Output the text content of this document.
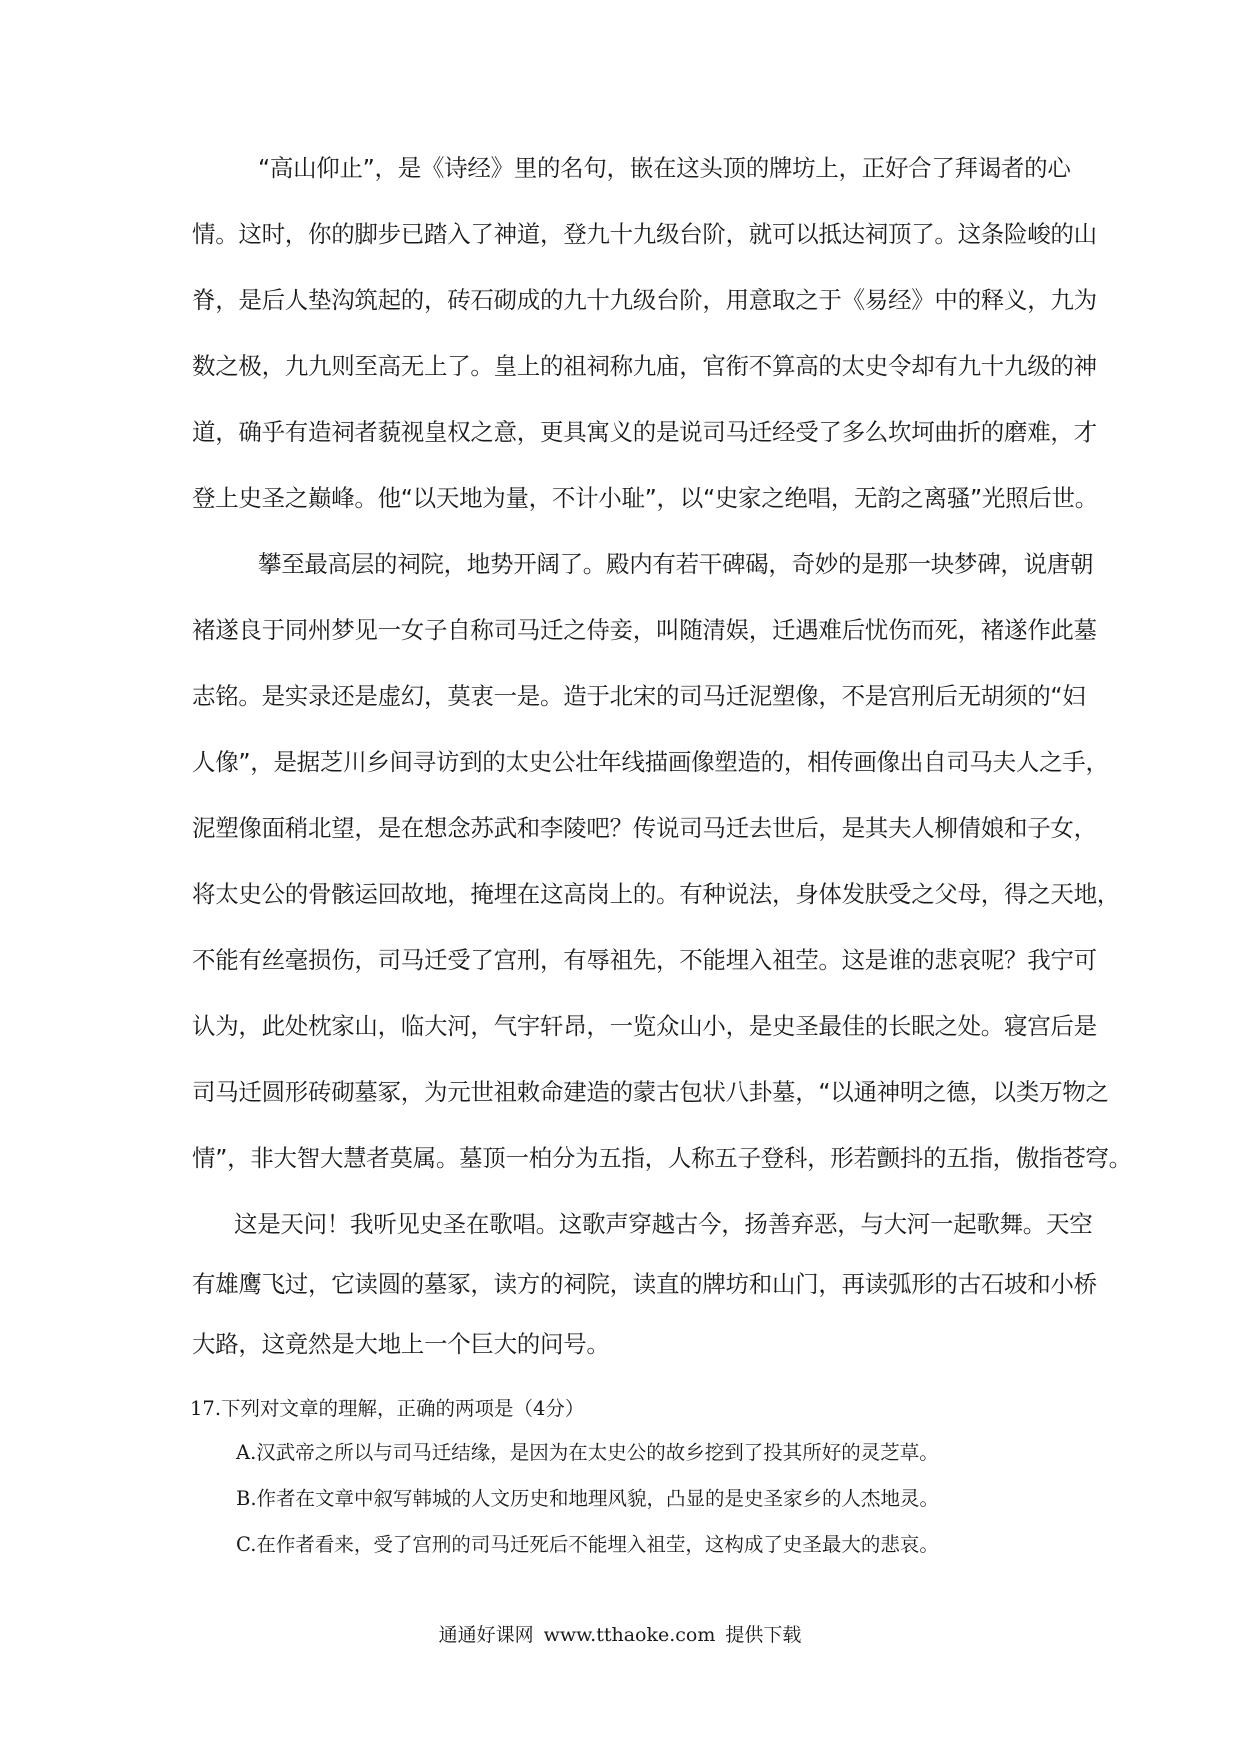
“高山仰止”，是《诗经》里的名句，嵌在这头顶的牌坊上，正好合了拜谒者的心
情。这时，你的脚步已踏入了神道，登九十九级台阶，就可以抵达祠顶了。这条险峻的山
脊，是后人垫沟筑起的，砖石砌成的九十九级台阶，用意取之于《易经》中的释义，九为
数之极，九九则至高无上了。皇上的祖祠称九庙，官衔不算高的太史令却有九十九级的神
道，确乎有造祠者藐视皇权之意，更具寓义的是说司马迁经受了多么坎坷曲折的磨难，才
登上史圣之巅峰。他“以天地为量，不计小耻”，以“史家之绝唱，无韵之离骚”光照后世。
攀至最高层的祠院，地势开阔了。殿内有若干碑碣，奇妙的是那一块梦碑，说唐朝
褚遂良于同州梦见一女子自称司马迁之侍妾，叫随清娱，迁遇难后忧伤而死，褚遂作此墓
志铭。是实录还是虚幻，莫衷一是。造于北宋的司马迁泥塑像，不是宫刑后无胡须的“妇
人像”，是据芝川乡间寻访到的太史公壮年线描画像塑造的，相传画像出自司马夫人之手，
泥塑像面稍北望，是在想念苏武和李陵吧？传说司马迁去世后，是其夫人柳倩娘和子女，
将太史公的骨骸运回故地，掩埋在这高岗上的。有种说法，身体发肤受之父母，得之天地，
不能有丝毫损伤，司马迁受了宫刑，有辱祖先，不能埋入祖茔。这是谁的悲哀呢？我宁可
认为，此处枕家山，临大河，气宇轩昂，一览众山小，是史圣最佳的长眠之处。寝宫后是
司马迁圆形砖砌墓冢，为元世祖敕命建造的蒙古包状八卦墓，“以通神明之德，以类万物之
情”，非大智大慧者莫属。墓顶一柏分为五指，人称五子登科，形若颤抖的五指，傲指苍穹。
这是天问！我听见史圣在歌唱。这歌声穿越古今，扬善弃恶，与大河一起歌舞。天空
有雄鹰飞过，它读圆的墓冢，读方的祠院，读直的牌坊和山门，再读弧形的古石坡和小桥
大路，这竟然是大地上一个巨大的问号。
17.下列对文章的理解，正确的两项是（4分）
A.汉武帝之所以与司马迁结缘，是因为在太史公的故乡挖到了投其所好的灵芝草。
B.作者在文章中叙写韩城的人文历史和地理风貌，凸显的是史圣家乡的人杰地灵。
C.在作者看来，受了宫刑的司马迁死后不能埋入祖茔，这构成了史圣最大的悲哀。
通通好课网 www.tthaoke.com 提供下载
